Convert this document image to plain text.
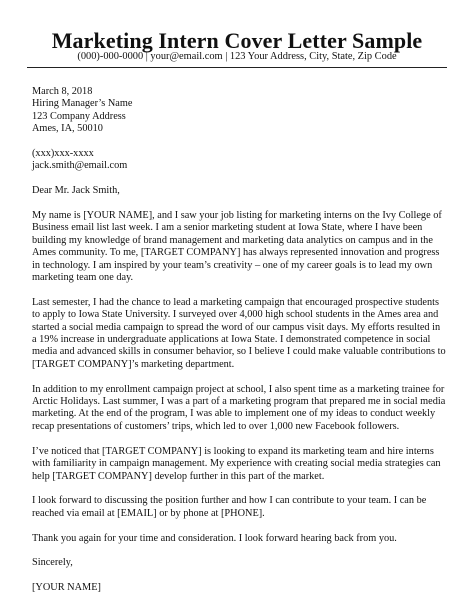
Marketing Intern Cover Letter Sample
(000)-000-0000 | your@email.com | 123 Your Address, City, State, Zip Code
March 8, 2018
Hiring Manager’s Name
123 Company Address
Ames, IA, 50010
(xxx)xxx-xxxx
jack.smith@email.com
Dear Mr. Jack Smith,

My name is [YOUR NAME], and I saw your job listing for marketing interns on the Ivy College of Business email list last week. I am a senior marketing student at Iowa State, where I have been building my knowledge of brand management and marketing data analytics on campus and in the Ames community. To me, [TARGET COMPANY] has always represented innovation and progress in technology. I am inspired by your team’s creativity – one of my career goals is to lead my own marketing team one day.

Last semester, I had the chance to lead a marketing campaign that encouraged prospective students to apply to Iowa State University. I surveyed over 4,000 high school students in the Ames area and started a social media campaign to spread the word of our campus visit days. My efforts resulted in a 19% increase in undergraduate applications at Iowa State. I demonstrated competence in social media and advanced skills in consumer behavior, so I believe I could make valuable contributions to [TARGET COMPANY]’s marketing department.

In addition to my enrollment campaign project at school, I also spent time as a marketing trainee for Arctic Holidays. Last summer, I was a part of a marketing program that prepared me in social media marketing. At the end of the program, I was able to implement one of my ideas to conduct weekly recap presentations of customers’ trips, which led to over 1,000 new Facebook followers.

I’ve noticed that [TARGET COMPANY] is looking to expand its marketing team and hire interns with familiarity in campaign management. My experience with creating social media strategies can help [TARGET COMPANY] develop further in this part of the market.

I look forward to discussing the position further and how I can contribute to your team. I can be reached via email at [EMAIL] or by phone at [PHONE].

Thank you again for your time and consideration. I look forward hearing back from you.

Sincerely,
[YOUR NAME]
